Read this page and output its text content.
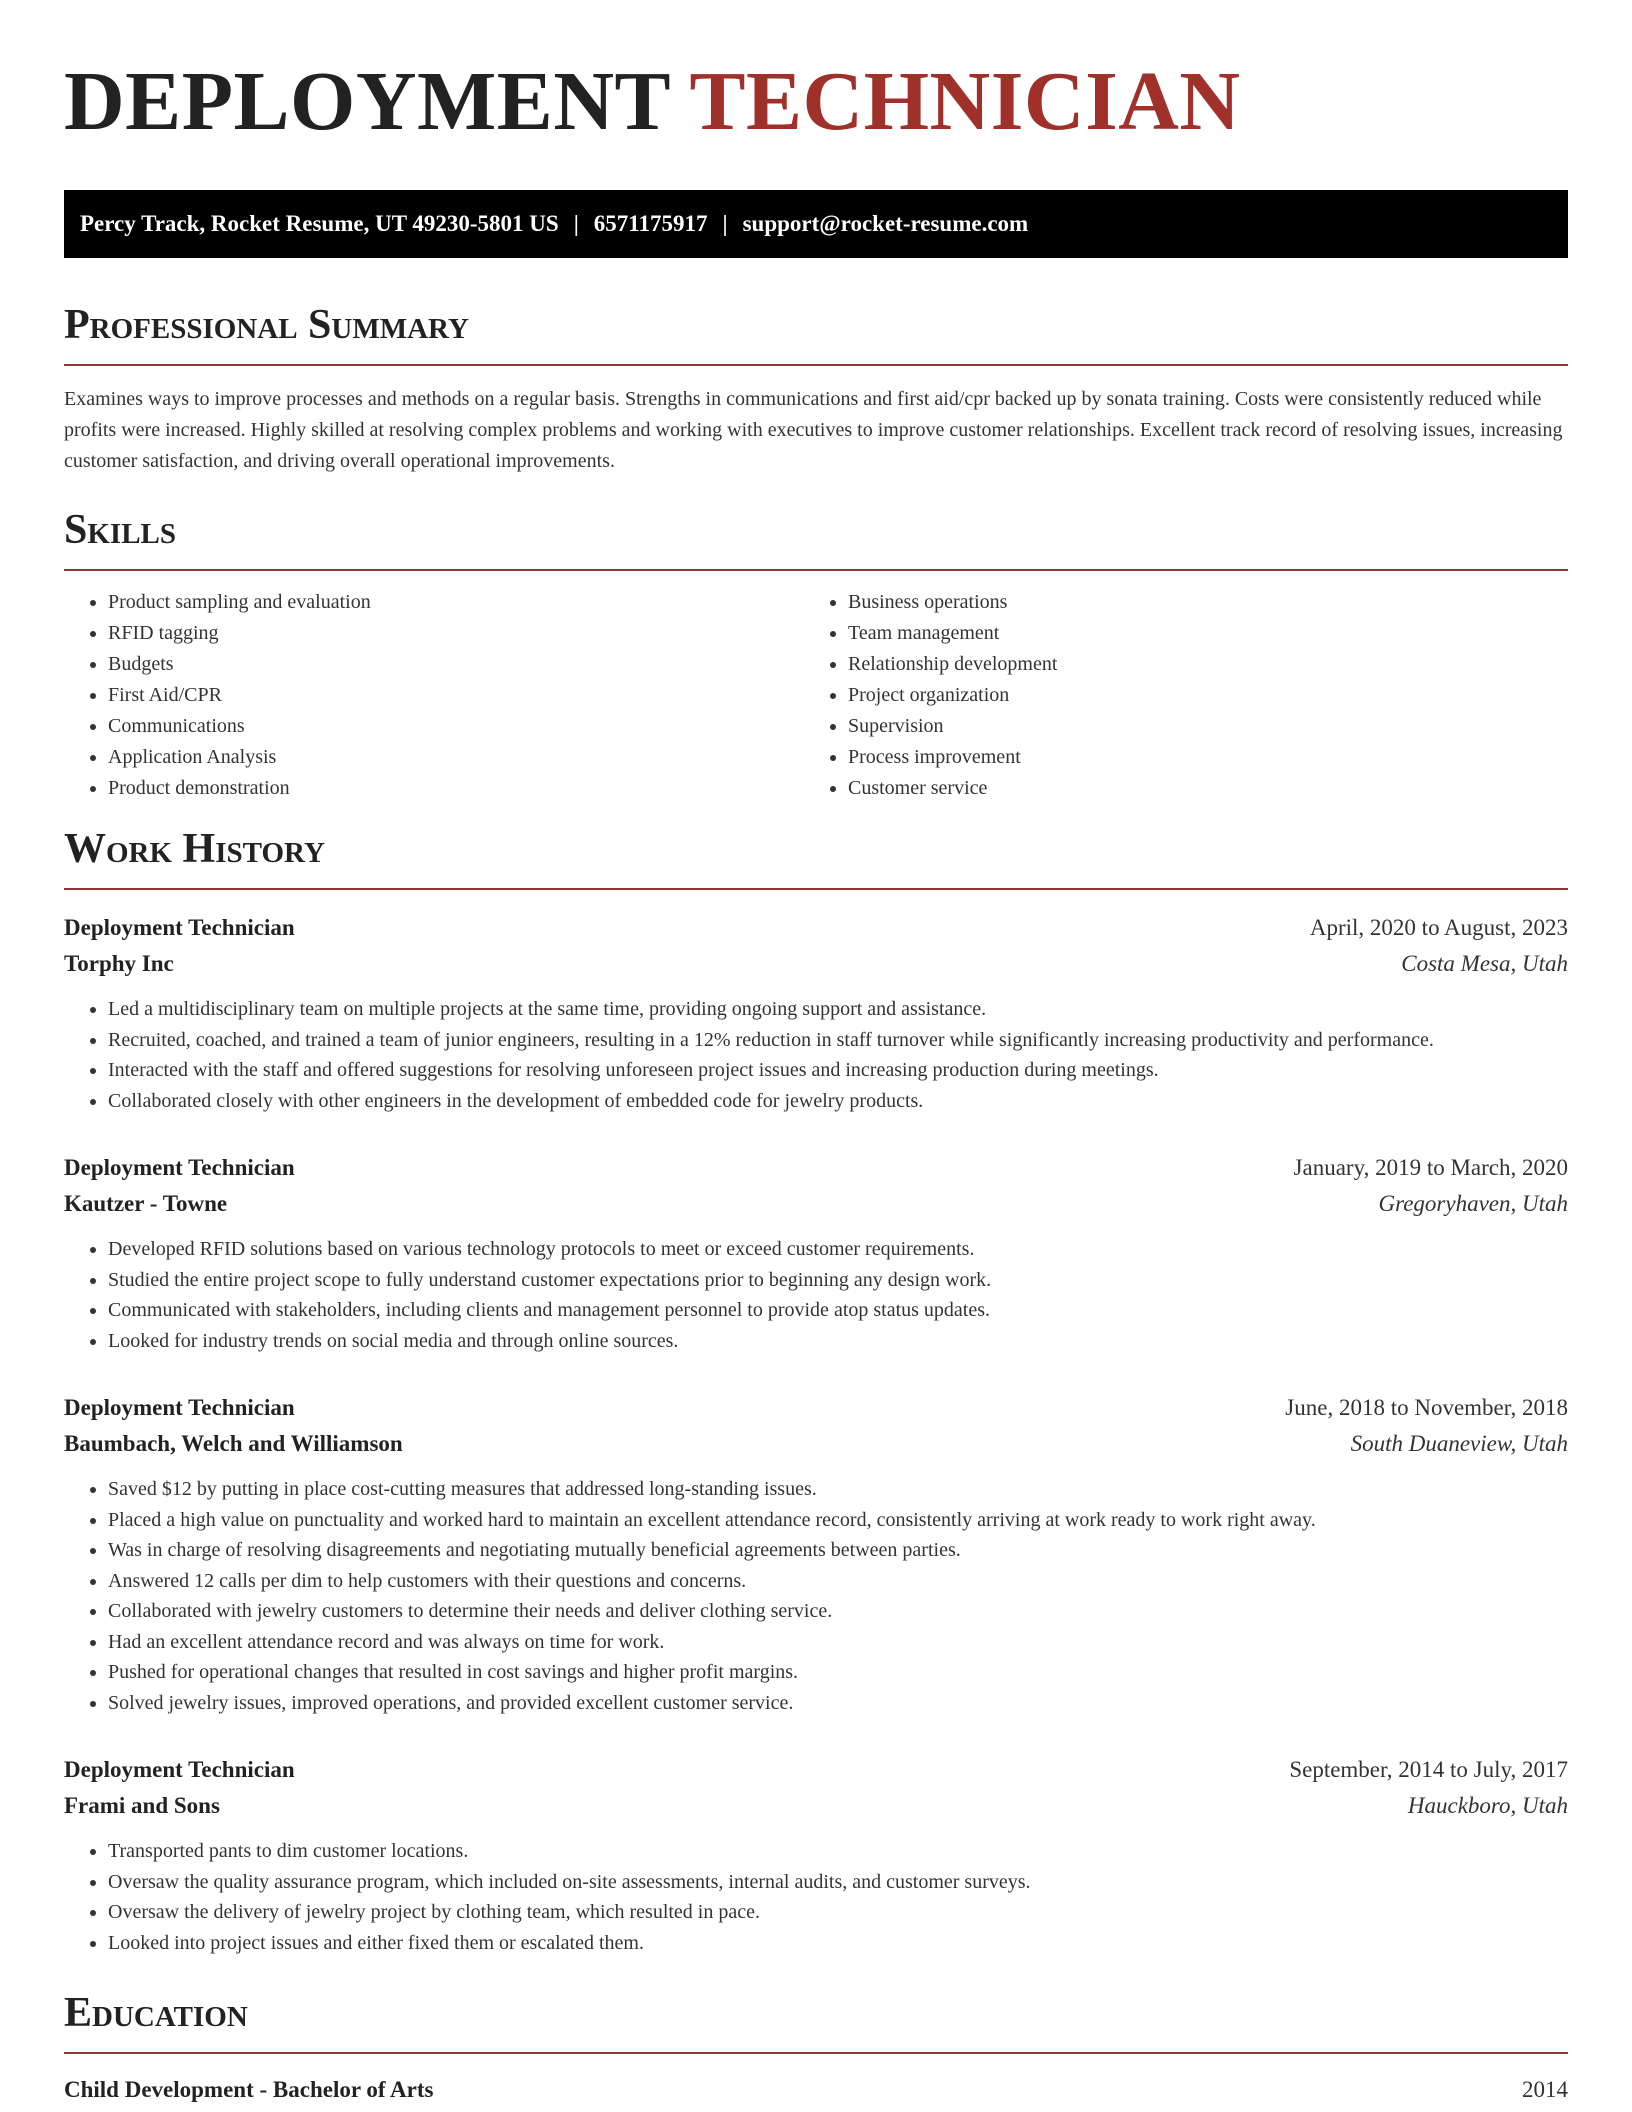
DEPLOYMENT TECHNICIAN
Percy Track, Rocket Resume, UT 49230-5801 US | 6571175917 | support@rocket-resume.com
Professional Summary

Examines ways to improve processes and methods on a regular basis. Strengths in communications and first aid/cpr backed up by sonata training. Costs were consistently reduced while profits were increased. Highly skilled at resolving complex problems and working with executives to improve customer relationships. Excellent track record of resolving issues, increasing customer satisfaction, and driving overall operational improvements.

Skills
• Product sampling and evaluation
• RFID tagging
• Budgets
• First Aid/CPR
• Communications
• Application Analysis
• Product demonstration
• Business operations
• Team management
• Relationship development
• Project organization
• Supervision
• Process improvement
• Customer service
Work History
Deployment Technician	April, 2020 to August, 2023
Torphy Inc	Costa Mesa, Utah
• Led a multidisciplinary team on multiple projects at the same time, providing ongoing support and assistance.
• Recruited, coached, and trained a team of junior engineers, resulting in a 12% reduction in staff turnover while significantly increasing productivity and performance.
• Interacted with the staff and offered suggestions for resolving unforeseen project issues and increasing production during meetings.
• Collaborated closely with other engineers in the development of embedded code for jewelry products.
Deployment Technician	January, 2019 to March, 2020
Kautzer - Towne	Gregoryhaven, Utah
• Developed RFID solutions based on various technology protocols to meet or exceed customer requirements.
• Studied the entire project scope to fully understand customer expectations prior to beginning any design work.
• Communicated with stakeholders, including clients and management personnel to provide atop status updates.
• Looked for industry trends on social media and through online sources.
Deployment Technician	June, 2018 to November, 2018
Baumbach, Welch and Williamson	South Duaneview, Utah
• Saved $12 by putting in place cost-cutting measures that addressed long-standing issues.
• Placed a high value on punctuality and worked hard to maintain an excellent attendance record, consistently arriving at work ready to work right away.
• Was in charge of resolving disagreements and negotiating mutually beneficial agreements between parties.
• Answered 12 calls per dim to help customers with their questions and concerns.
• Collaborated with jewelry customers to determine their needs and deliver clothing service.
• Had an excellent attendance record and was always on time for work.
• Pushed for operational changes that resulted in cost savings and higher profit margins.
• Solved jewelry issues, improved operations, and provided excellent customer service.
Deployment Technician	September, 2014 to July, 2017
Frami and Sons	Hauckboro, Utah
• Transported pants to dim customer locations.
• Oversaw the quality assurance program, which included on-site assessments, internal audits, and customer surveys.
• Oversaw the delivery of jewelry project by clothing team, which resulted in pace.
• Looked into project issues and either fixed them or escalated them.
Education
Child Development - Bachelor of Arts	2014
